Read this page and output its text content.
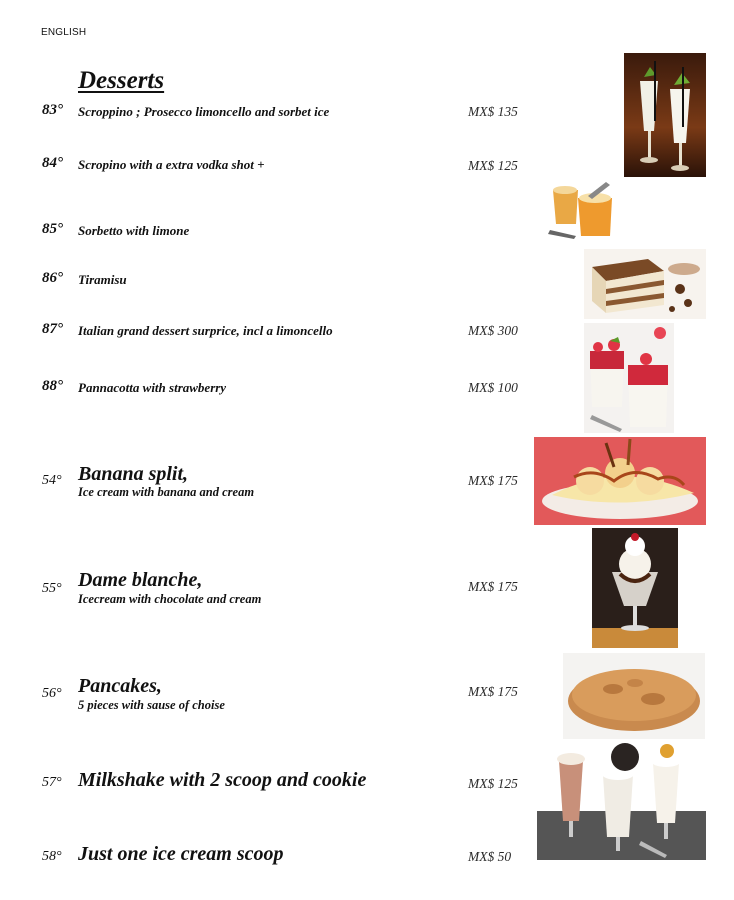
ENGLISH
Desserts
83° Scroppino ; Prosecco limoncello and sorbet ice	MX$ 135
84° Scropino with a extra vodka shot +	MX$ 125
85° Sorbetto with limone
86° Tiramisu
87° Italian grand dessert surprice, incl a limoncello	MX$ 300
88° Pannacotta with strawberry	MX$ 100
54° Banana split,
Ice cream with banana and cream
MX$ 175
55° Dame blanche,
Icecream with chocolate and cream
MX$ 175
56° Pancakes,
5 pieces with sause of choise
MX$ 175
57° Milkshake with 2 scoop and cookie	MX$ 125
58° Just one ice cream scoop	MX$ 50
